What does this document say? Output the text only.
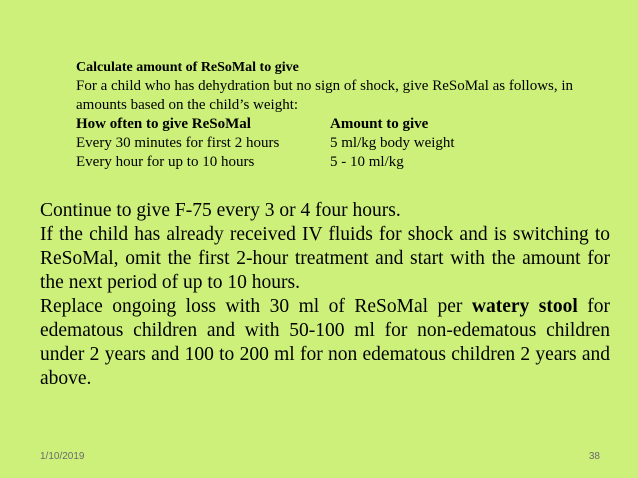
Calculate amount of ReSoMal to give

For a child who has dehydration but no sign of shock, give ReSoMal as follows, in amounts based on the child’s weight:

How often to give ReSoMal	Amount to give
Every 30 minutes for first 2 hours	5 ml/kg body weight
Every hour for up to 10 hours	5 - 10 ml/kg

Continue to give F-75 every 3 or 4 four hours.

If the child has already received IV fluids for shock and is switching to ReSoMal, omit the first 2-hour treatment and start with the amount for the next period of up to 10 hours.

Replace ongoing loss with 30 ml of ReSoMal per watery stool for edematous children and with 50-100 ml for non-edematous children under 2 years and 100 to 200 ml for non edematous children 2 years and above.

1/10/2019	38
